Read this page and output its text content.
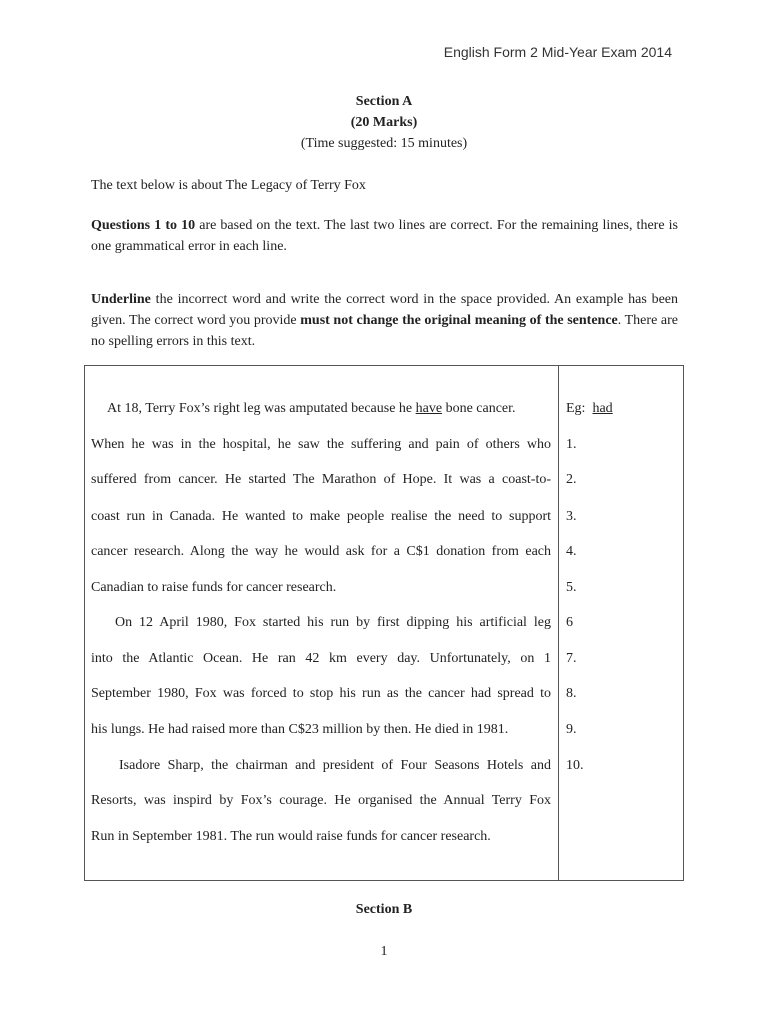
English Form 2 Mid-Year Exam 2014
Section A
(20 Marks)
(Time suggested: 15 minutes)
The text below is about The Legacy of Terry Fox
Questions 1 to 10 are based on the text. The last two lines are correct. For the remaining lines, there is one grammatical error in each line.
Underline the incorrect word and write the correct word in the space provided. An example has been given. The correct word you provide must not change the original meaning of the sentence. There are no spelling errors in this text.
At 18, Terry Fox’s right leg was amputated because he have bone cancer.
When he was in the hospital, he saw the suffering and pain of others who
suffered from cancer. He started The Marathon of Hope. It was a coast-to-
coast run in Canada. He wanted to make people realise the need to support
cancer research. Along the way he would ask for a C$1 donation from each
Canadian to raise funds for cancer research.
On 12 April 1980, Fox started his run by first dipping his artificial leg
into the Atlantic Ocean. He ran 42 km every day. Unfortunately, on 1
September 1980, Fox was forced to stop his run as the cancer had spread to
his lungs. He had raised more than C$23 million by then. He died in 1981.
Isadore Sharp, the chairman and president of Four Seasons Hotels and
Resorts, was inspird by Fox’s courage. He organised the Annual Terry Fox
Run in September 1981. The run would raise funds for cancer research.
Eg: had
1.
2.
3.
4.
5.
6
7.
8.
9.
10.
Section B
1
